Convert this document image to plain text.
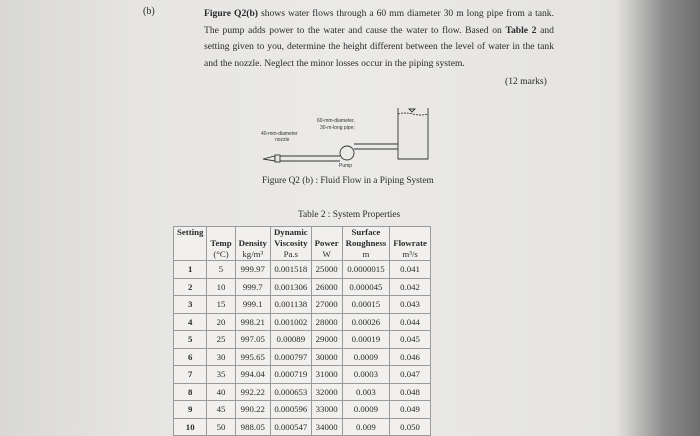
(b)	Figure Q2(b) shows water flows through a 60 mm diameter 30 m long pipe from a tank. The pump adds power to the water and cause the water to flow. Based on Table 2 and setting given to you, determine the height different between the level of water in the tank and the nozzle. Neglect the minor losses occur in the piping system.
(12 marks)
60-mm-diameter,
30-m-long pipe;
40-mm-diameter
nozzle
Pump
Figure Q2 (b) : Fluid Flow in a Piping System
Table 2 : System Properties
Setting			Dynamic		Surface	
	Temp	Density	Viscosity	Power	Roughness	Flowrate
	(°C)	kg/m³	Pa.s	W	m	m³/s
1	5	999.97	0.001518	25000	0.0000015	0.041
2	10	999.7	0.001306	26000	0.000045	0.042
3	15	999.1	0.001138	27000	0.00015	0.043
4	20	998.21	0.001002	28000	0.00026	0.044
5	25	997.05	0.00089	29000	0.00019	0.045
6	30	995.65	0.000797	30000	0.0009	0.046
7	35	994.04	0.000719	31000	0.0003	0.047
8	40	992.22	0.000653	32000	0.003	0.048
9	45	990.22	0.000596	33000	0.0009	0.049
10	50	988.05	0.000547	34000	0.009	0.050
